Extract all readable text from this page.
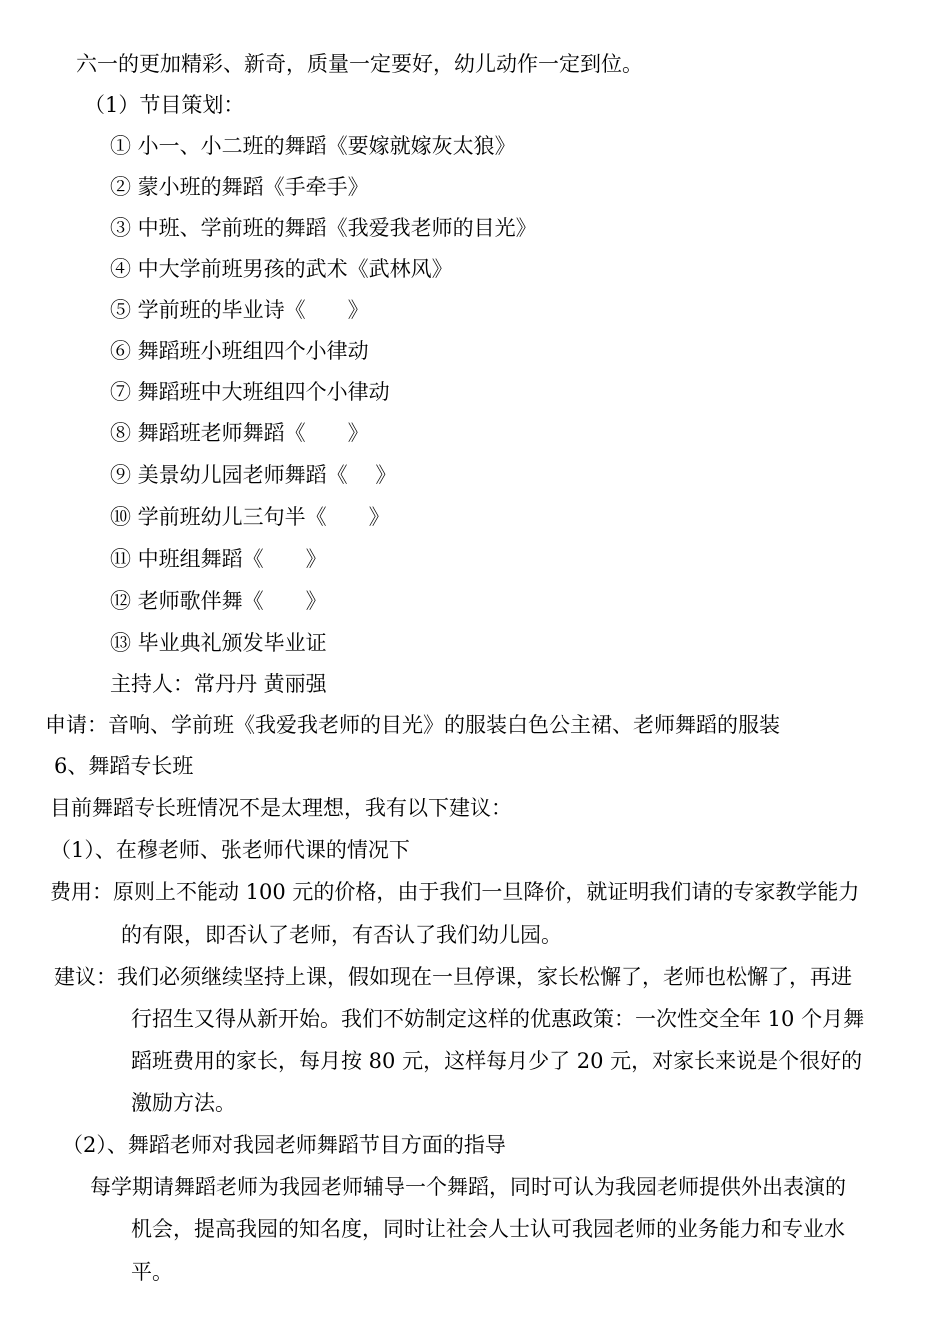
六一的更加精彩、新奇，质量一定要好，幼儿动作一定到位。
（1）节目策划：
① 小一、小二班的舞蹈《要嫁就嫁灰太狼》
② 蒙小班的舞蹈《手牵手》
③ 中班、学前班的舞蹈《我爱我老师的目光》
④ 中大学前班男孩的武术《武林风》
⑤ 学前班的毕业诗《　　》
⑥ 舞蹈班小班组四个小律动
⑦ 舞蹈班中大班组四个小律动
⑧ 舞蹈班老师舞蹈《　　》
⑨ 美景幼儿园老师舞蹈《　 》
⑩ 学前班幼儿三句半《　　》
⑪ 中班组舞蹈《　　》
⑫ 老师歌伴舞《　　》
⑬ 毕业典礼颁发毕业证
主持人：常丹丹 黄丽强
申请：音响、学前班《我爱我老师的目光》的服装白色公主裙、老师舞蹈的服装
6、舞蹈专长班
目前舞蹈专长班情况不是太理想，我有以下建议：
（1）、在穆老师、张老师代课的情况下
费用：原则上不能动 100 元的价格，由于我们一旦降价，就证明我们请的专家教学能力
的有限，即否认了老师，有否认了我们幼儿园。
建议：我们必须继续坚持上课，假如现在一旦停课，家长松懈了，老师也松懈了，再进
行招生又得从新开始。我们不妨制定这样的优惠政策：一次性交全年 10 个月舞
蹈班费用的家长，每月按 80 元，这样每月少了 20 元，对家长来说是个很好的
激励方法。
（2）、舞蹈老师对我园老师舞蹈节目方面的指导
每学期请舞蹈老师为我园老师辅导一个舞蹈，同时可认为我园老师提供外出表演的
机会，提高我园的知名度，同时让社会人士认可我园老师的业务能力和专业水
平。
